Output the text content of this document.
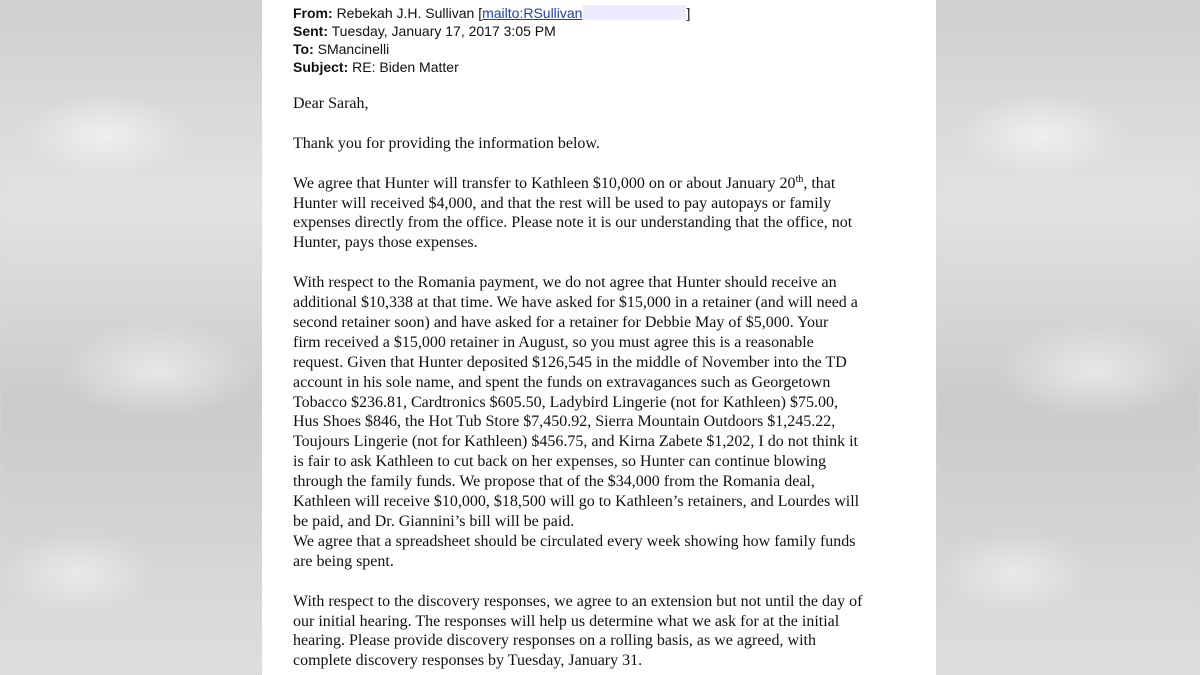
From: Rebekah J.H. Sullivan [mailto:RSullivan	]
Sent: Tuesday, January 17, 2017 3:05 PM
To: SMancinelli
Subject: RE: Biden Matter

Dear Sarah,

Thank you for providing the information below.

We agree that Hunter will transfer to Kathleen $10,000 on or about January 20th, that
Hunter will received $4,000, and that the rest will be used to pay autopays or family
expenses directly from the office. Please note it is our understanding that the office, not
Hunter, pays those expenses.

With respect to the Romania payment, we do not agree that Hunter should receive an
additional $10,338 at that time. We have asked for $15,000 in a retainer (and will need a
second retainer soon) and have asked for a retainer for Debbie May of $5,000. Your
firm received a $15,000 retainer in August, so you must agree this is a reasonable
request. Given that Hunter deposited $126,545 in the middle of November into the TD
account in his sole name, and spent the funds on extravagances such as Georgetown
Tobacco $236.81, Cardtronics $605.50, Ladybird Lingerie (not for Kathleen) $75.00,
Hus Shoes $846, the Hot Tub Store $7,450.92, Sierra Mountain Outdoors $1,245.22,
Toujours Lingerie (not for Kathleen) $456.75, and Kirna Zabete $1,202, I do not think it
is fair to ask Kathleen to cut back on her expenses, so Hunter can continue blowing
through the family funds. We propose that of the $34,000 from the Romania deal,
Kathleen will receive $10,000, $18,500 will go to Kathleen’s retainers, and Lourdes will
be paid, and Dr. Giannini’s bill will be paid.

We agree that a spreadsheet should be circulated every week showing how family funds
are being spent.

With respect to the discovery responses, we agree to an extension but not until the day of
our initial hearing. The responses will help us determine what we ask for at the initial
hearing. Please provide discovery responses on a rolling basis, as we agreed, with
complete discovery responses by Tuesday, January 31.
